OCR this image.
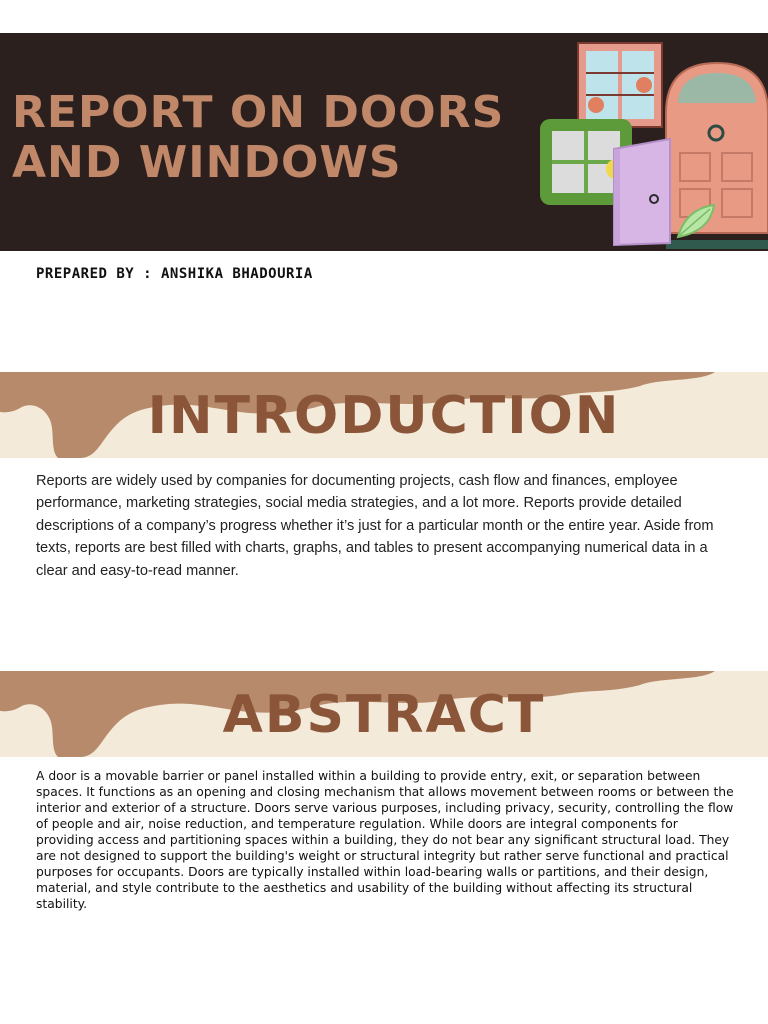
REPORT ON DOORS
AND WINDOWS
PREPARED BY : ANSHIKA BHADOURIA
INTRODUCTION

Reports are widely used by companies for documenting projects, cash flow and finances, employee performance, marketing strategies, social media strategies, and a lot more. Reports provide detailed descriptions of a company’s progress whether it’s just for a particular month or the entire year. Aside from texts, reports are best filled with charts, graphs, and tables to present accompanying numerical data in a clear and easy-to-read manner.

ABSTRACT

A door is a movable barrier or panel installed within a building to provide entry, exit, or separation between spaces. It functions as an opening and closing mechanism that allows movement between rooms or between the interior and exterior of a structure. Doors serve various purposes, including privacy, security, controlling the flow of people and air, noise reduction, and temperature regulation. While doors are integral components for providing access and partitioning spaces within a building, they do not bear any significant structural load. They are not designed to support the building's weight or structural integrity but rather serve functional and practical purposes for occupants. Doors are typically installed within load-bearing walls or partitions, and their design, material, and style contribute to the aesthetics and usability of the building without affecting its structural stability.
